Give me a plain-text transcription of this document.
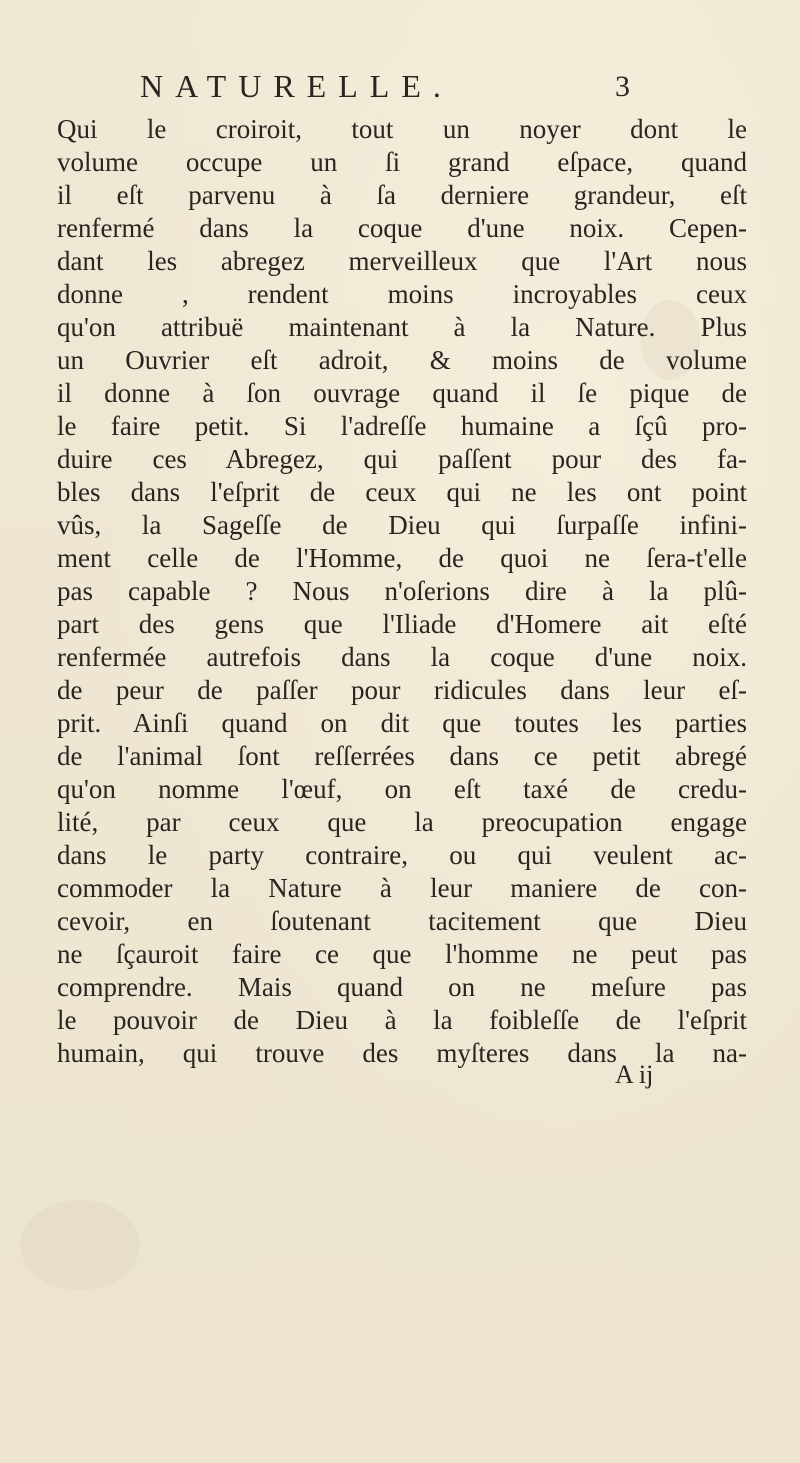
NATURELLE.	3
Qui le croiroit, tout un noyer dont le
volume occupe un ſi grand eſpace, quand
il eſt parvenu à ſa derniere grandeur, eſt
renfermé dans la coque d'une noix. Cepen-
dant les abregez merveilleux que l'Art nous
donne , rendent moins incroyables ceux
qu'on attribuë maintenant à la Nature. Plus
un Ouvrier eſt adroit, & moins de volume
il donne à ſon ouvrage quand il ſe pique de
le faire petit. Si l'adreſſe humaine a ſçû pro-
duire ces Abregez, qui paſſent pour des fa-
bles dans l'eſprit de ceux qui ne les ont point
vûs, la Sageſſe de Dieu qui ſurpaſſe infini-
ment celle de l'Homme, de quoi ne ſera-t'elle
pas capable ? Nous n'oſerions dire à la plû-
part des gens que l'Iliade d'Homere ait eſté
renfermée autrefois dans la coque d'une noix.
de peur de paſſer pour ridicules dans leur eſ-
prit. Ainſi quand on dit que toutes les parties
de l'animal ſont reſſerrées dans ce petit abregé
qu'on nomme l'œuf, on eſt taxé de credu-
lité, par ceux que la preocupation engage
dans le party contraire, ou qui veulent ac-
commoder la Nature à leur maniere de con-
cevoir, en ſoutenant tacitement que Dieu
ne ſçauroit faire ce que l'homme ne peut pas
comprendre. Mais quand on ne meſure pas
le pouvoir de Dieu à la foibleſſe de l'eſprit
humain, qui trouve des myſteres dans la na-
A ij
